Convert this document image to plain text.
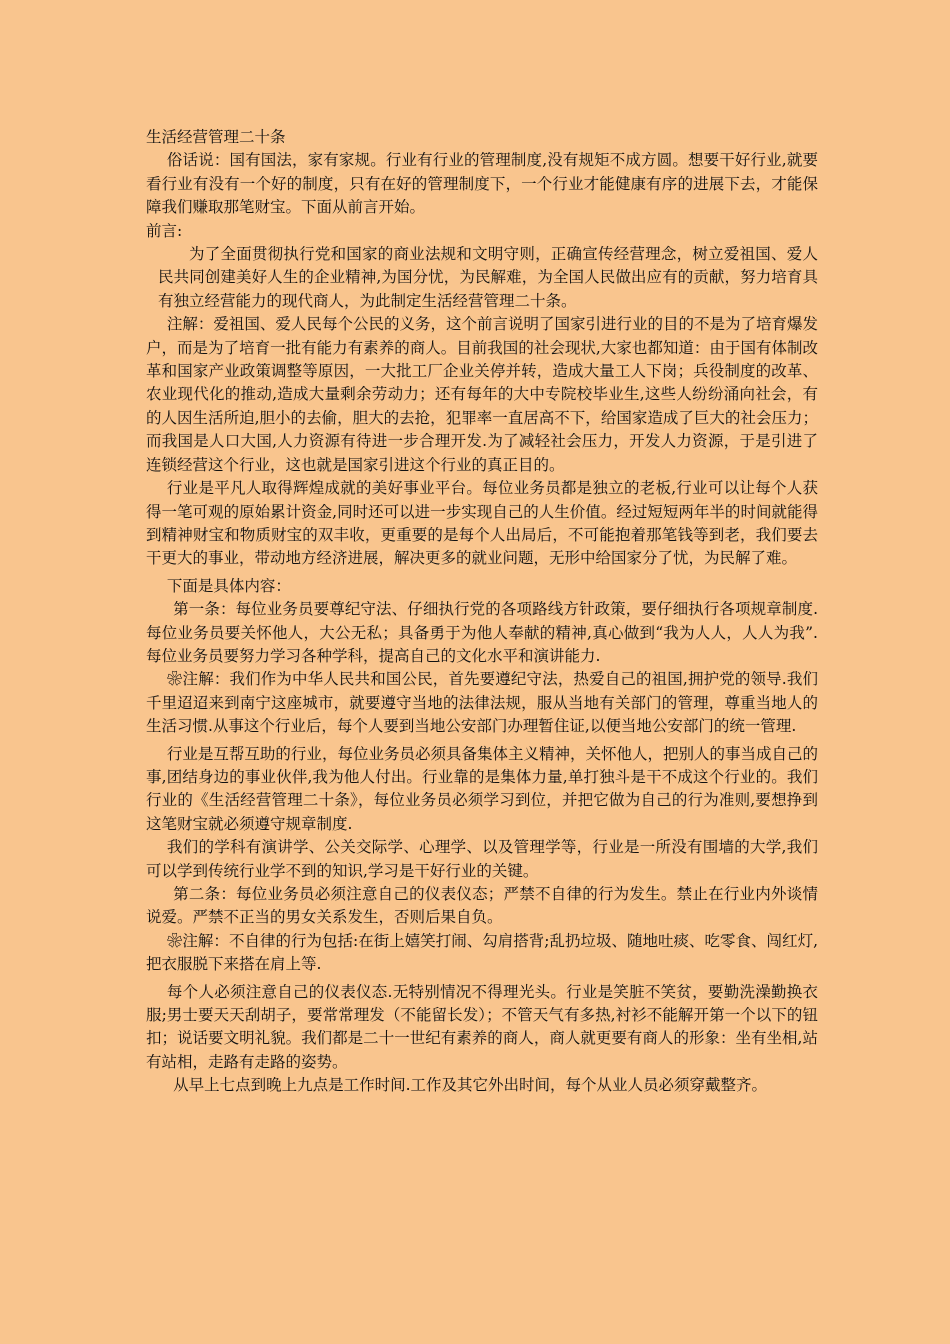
生活经营管理二十条

俗话说：国有国法，家有家规。行业有行业的管理制度,没有规矩不成方圆。想要干好行业,就要看行业有没有一个好的制度，只有在好的管理制度下，一个行业才能健康有序的进展下去，才能保障我们赚取那笔财宝。下面从前言开始。

前言:

为了全面贯彻执行党和国家的商业法规和文明守则，正确宣传经营理念，树立爱祖国、爱人民共同创建美好人生的企业精神,为国分忧，为民解难，为全国人民做出应有的贡献，努力培育具有独立经营能力的现代商人，为此制定生活经营管理二十条。

注解：爱祖国、爱人民每个公民的义务，这个前言说明了国家引进行业的目的不是为了培育爆发户，而是为了培育一批有能力有素养的商人。目前我国的社会现状,大家也都知道：由于国有体制改革和国家产业政策调整等原因，一大批工厂企业关停并转，造成大量工人下岗；兵役制度的改革、农业现代化的推动,造成大量剩余劳动力；还有每年的大中专院校毕业生,这些人纷纷涌向社会，有的人因生活所迫,胆小的去偷，胆大的去抢，犯罪率一直居高不下，给国家造成了巨大的社会压力；而我国是人口大国,人力资源有待进一步合理开发.为了减轻社会压力，开发人力资源，于是引进了连锁经营这个行业，这也就是国家引进这个行业的真正目的。

行业是平凡人取得辉煌成就的美好事业平台。每位业务员都是独立的老板,行业可以让每个人获得一笔可观的原始累计资金,同时还可以进一步实现自己的人生价值。经过短短两年半的时间就能得到精神财宝和物质财宝的双丰收，更重要的是每个人出局后，不可能抱着那笔钱等到老，我们要去干更大的事业，带动地方经济进展，解决更多的就业问题，无形中给国家分了忧，为民解了难。

下面是具体内容：

第一条：每位业务员要尊纪守法、仔细执行党的各项路线方针政策，要仔细执行各项规章制度.每位业务员要关怀他人，大公无私；具备勇于为他人奉献的精神,真心做到“我为人人，人人为我”.每位业务员要努力学习各种学科，提高自己的文化水平和演讲能力.

❀注解：我们作为中华人民共和国公民，首先要遵纪守法，热爱自己的祖国,拥护党的领导.我们千里迢迢来到南宁这座城市，就要遵守当地的法律法规，服从当地有关部门的管理，尊重当地人的生活习惯.从事这个行业后，每个人要到当地公安部门办理暂住证,以便当地公安部门的统一管理.

行业是互帮互助的行业，每位业务员必须具备集体主义精神，关怀他人，把别人的事当成自己的事,团结身边的事业伙伴,我为他人付出。行业靠的是集体力量,单打独斗是干不成这个行业的。我们行业的《生活经营管理二十条》，每位业务员必须学习到位，并把它做为自己的行为准则,要想挣到这笔财宝就必须遵守规章制度.

我们的学科有演讲学、公关交际学、心理学、以及管理学等，行业是一所没有围墙的大学,我们可以学到传统行业学不到的知识,学习是干好行业的关键。

第二条：每位业务员必须注意自己的仪表仪态；严禁不自律的行为发生。禁止在行业内外谈情说爱。严禁不正当的男女关系发生，否则后果自负。

❀注解：不自律的行为包括:在街上嬉笑打闹、勾肩搭背;乱扔垃圾、随地吐痰、吃零食、闯红灯,把衣服脱下来搭在肩上等.

每个人必须注意自己的仪表仪态.无特别情况不得理光头。行业是笑脏不笑贫，要勤洗澡勤换衣服;男士要天天刮胡子，要常常理发（不能留长发）；不管天气有多热,衬衫不能解开第一个以下的钮扣；说话要文明礼貌。我们都是二十一世纪有素养的商人，商人就更要有商人的形象：坐有坐相,站有站相，走路有走路的姿势。

从早上七点到晚上九点是工作时间.工作及其它外出时间，每个从业人员必须穿戴整齐。
